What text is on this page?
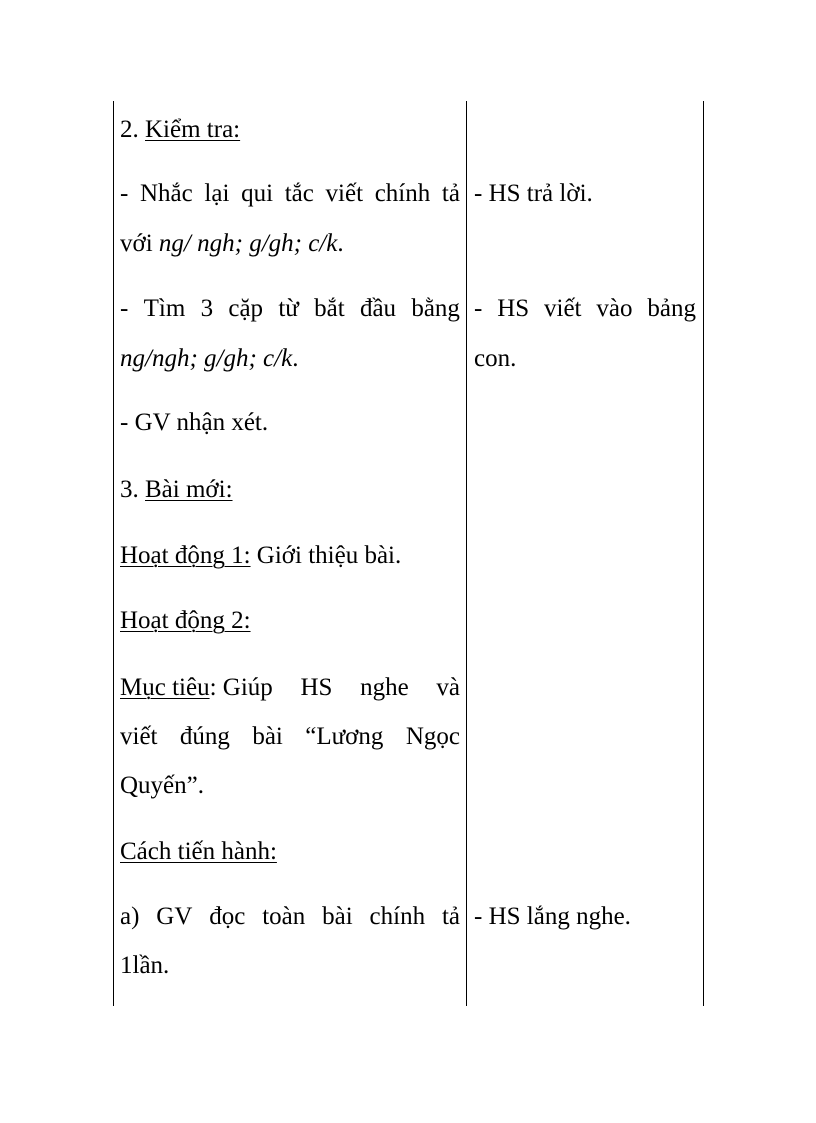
2. Kiểm tra:
- Nhắc lại qui tắc viết chính tả
với ng/ ngh; g/gh; c/k.
- Tìm 3 cặp từ bắt đầu bằng
ng/ngh; g/gh; c/k.
- GV nhận xét.
3. Bài mới:
Hoạt động 1: Giới thiệu bài.
Hoạt động 2:
Mục tiêu: Giúp HS nghe và
viết đúng bài “Lương Ngọc
Quyến”.
Cách tiến hành:
a) GV đọc toàn bài chính tả
1lần.
- HS trả lời.
- HS viết vào bảng
con.
- HS lắng nghe.
